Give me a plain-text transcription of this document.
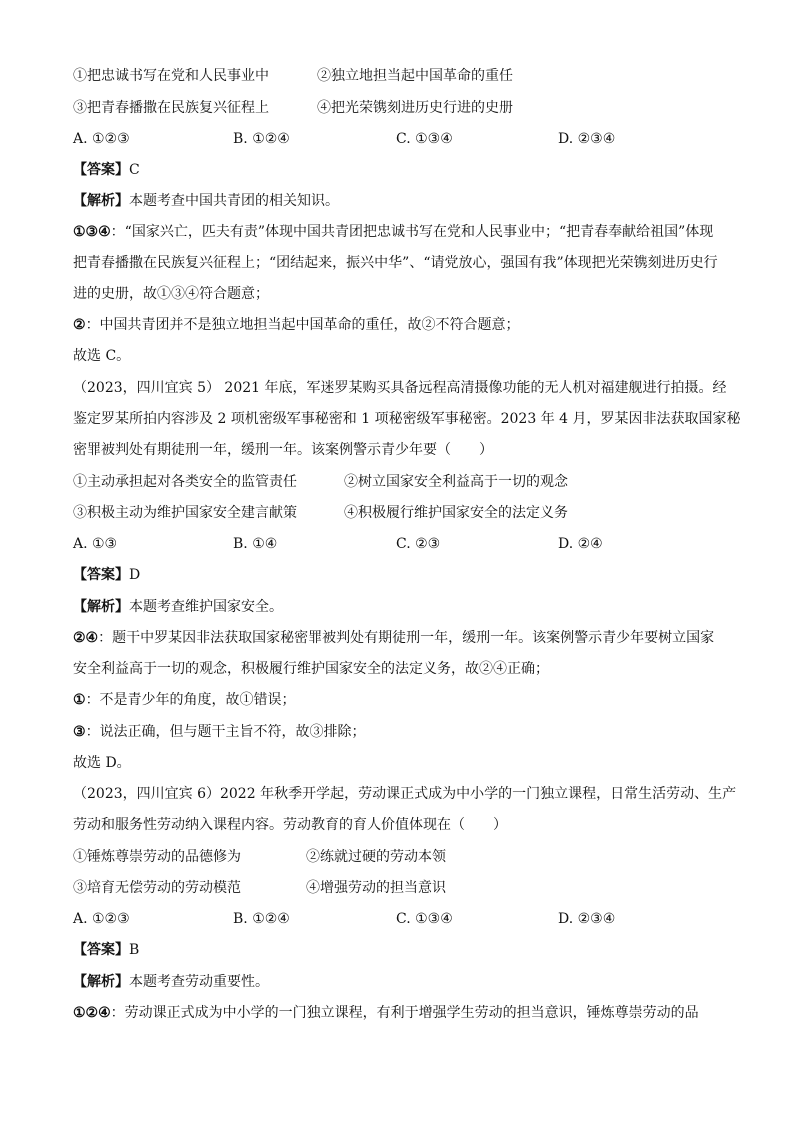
①把忠诚书写在党和人民事业中	②独立地担当起中国革命的重任
③把青春播撒在民族复兴征程上	④把光荣镌刻进历史行进的史册
A. ①②③	B. ①②④	C. ①③④	D. ②③④
【答案】C
【解析】本题考查中国共青团的相关知识。
①③④：“国家兴亡，匹夫有责”体现中国共青团把忠诚书写在党和人民事业中；“把青春奉献给祖国”体现
把青春播撒在民族复兴征程上；“团结起来，振兴中华”、“请党放心，强国有我”体现把光荣镌刻进历史行
进的史册，故①③④符合题意；
②：中国共青团并不是独立地担当起中国革命的重任，故②不符合题意；
故选 C。
（2023，四川宜宾 5） 2021 年底，军迷罗某购买具备远程高清摄像功能的无人机对福建舰进行拍摄。经
鉴定罗某所拍内容涉及 2 项机密级军事秘密和 1 项秘密级军事秘密。2023 年 4 月，罗某因非法获取国家秘
密罪被判处有期徒刑一年，缓刑一年。该案例警示青少年要（　　）
①主动承担起对各类安全的监管责任	②树立国家安全利益高于一切的观念
③积极主动为维护国家安全建言献策	④积极履行维护国家安全的法定义务
A. ①③	B. ①④	C. ②③	D. ②④
【答案】D
【解析】本题考查维护国家安全。
②④：题干中罗某因非法获取国家秘密罪被判处有期徒刑一年，缓刑一年。该案例警示青少年要树立国家
安全利益高于一切的观念，积极履行维护国家安全的法定义务，故②④正确；
①：不是青少年的角度，故①错误；
③：说法正确，但与题干主旨不符，故③排除；
故选 D。
（2023，四川宜宾 6）2022 年秋季开学起，劳动课正式成为中小学的一门独立课程，日常生活劳动、生产
劳动和服务性劳动纳入课程内容。劳动教育的育人价值体现在（　　）
①锤炼尊崇劳动的品德修为	②练就过硬的劳动本领
③培育无偿劳动的劳动模范	④增强劳动的担当意识
A. ①②③	B. ①②④	C. ①③④	D. ②③④
【答案】B
【解析】本题考查劳动重要性。
①②④：劳动课正式成为中小学的一门独立课程，有利于增强学生劳动的担当意识，锤炼尊崇劳动的品
